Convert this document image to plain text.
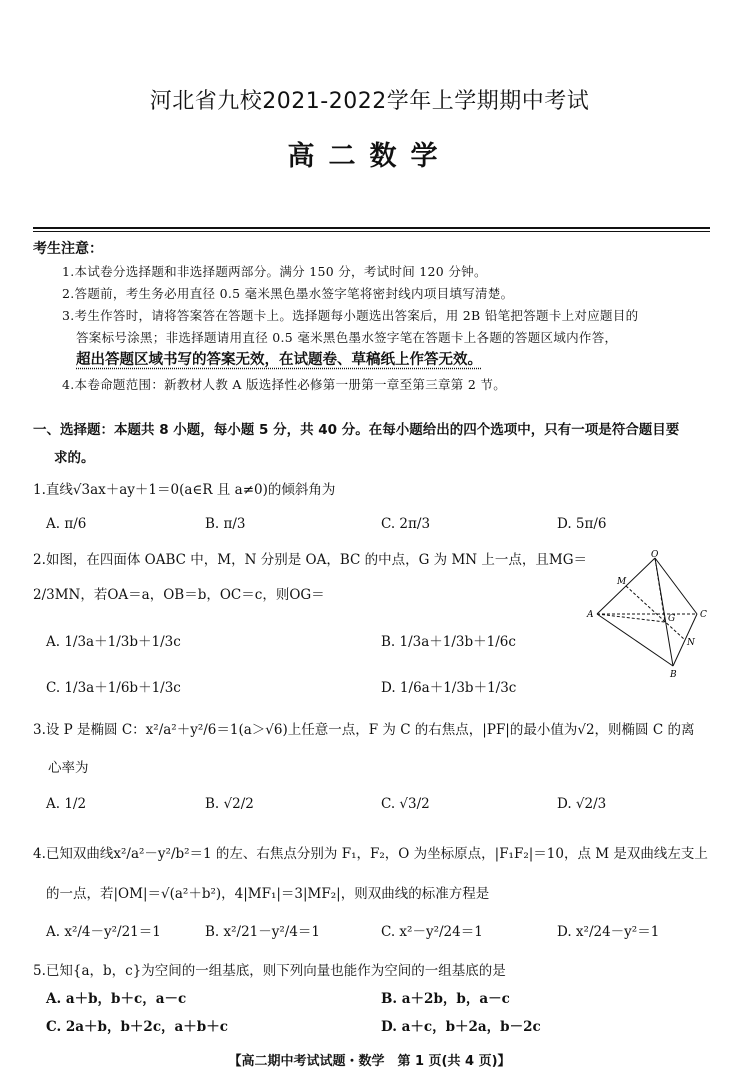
河北省九校2021-2022学年上学期期中考试
高二数学
考生注意：
1.本试卷分选择题和非选择题两部分。满分 150 分，考试时间 120 分钟。
2.答题前，考生务必用直径 0.5 毫米黑色墨水签字笔将密封线内项目填写清楚。
3.考生作答时，请将答案答在答题卡上。选择题每小题选出答案后，用 2B 铅笔把答题卡上对应题目的
答案标号涂黑；非选择题请用直径 0.5 毫米黑色墨水签字笔在答题卡上各题的答题区域内作答，
超出答题区域书写的答案无效，在试题卷、草稿纸上作答无效。
4.本卷命题范围：新教材人教 A 版选择性必修第一册第一章至第三章第 2 节。
一、选择题：本题共 8 小题，每小题 5 分，共 40 分。在每小题给出的四个选项中，只有一项是符合题目要
求的。
1.直线√3ax＋ay＋1＝0(a∈R 且 a≠0)的倾斜角为
A. π/6	B. π/3	C. 2π/3	D. 5π/6
2.如图，在四面体 OABC 中，M，N 分别是 OA，BC 的中点，G 为 MN 上一点，且MG＝
2/3MN，若OA＝a，OB＝b，OC＝c，则OG＝
A. 1/3a＋1/3b＋1/3c	B. 1/3a＋1/3b＋1/6c
C. 1/3a＋1/6b＋1/3c	D. 1/6a＋1/3b＋1/3c
O
M
A	G	C
N
B
3.设 P 是椭圆 C：x²/a²＋y²/6＝1(a＞√6)上任意一点，F 为 C 的右焦点，|PF|的最小值为√2，则椭圆 C 的离
心率为
A. 1/2	B. √2/2	C. √3/2	D. √2/3
4.已知双曲线x²/a²－y²/b²＝1 的左、右焦点分别为 F₁，F₂，O 为坐标原点，|F₁F₂|＝10，点 M 是双曲线左支上
的一点，若|OM|＝√(a²＋b²)，4|MF₁|＝3|MF₂|，则双曲线的标准方程是
A. x²/4－y²/21＝1	B. x²/21－y²/4＝1	C. x²－y²/24＝1	D. x²/24－y²＝1
5.已知{a，b，c}为空间的一组基底，则下列向量也能作为空间的一组基底的是
A. a＋b，b＋c，a－c	B. a＋2b，b，a－c
C. 2a＋b，b＋2c，a＋b＋c	D. a＋c，b＋2a，b－2c
【高二期中考试试题・数学　第 1 页(共 4 页)】
